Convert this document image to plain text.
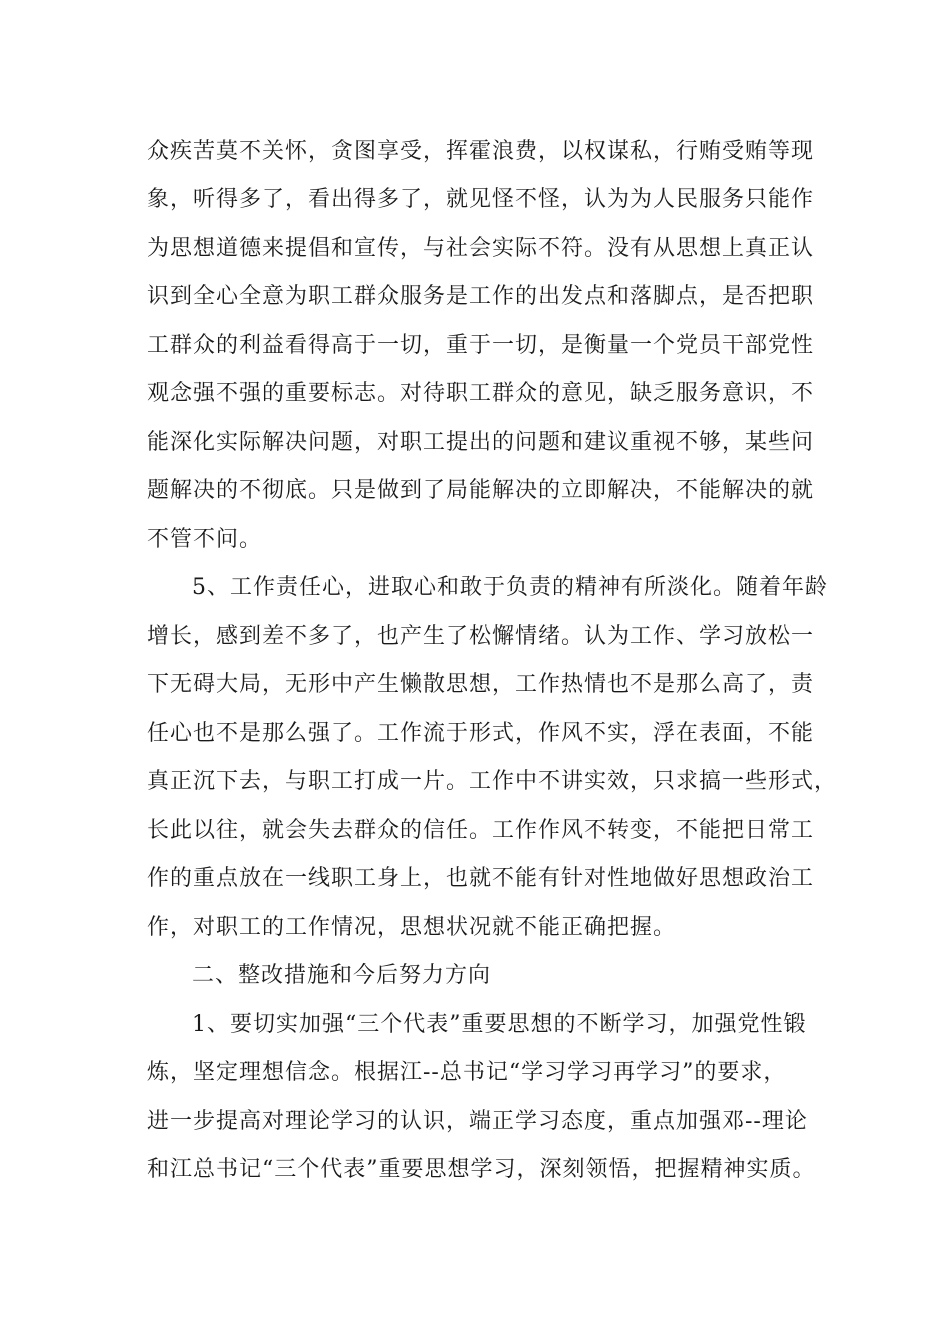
众疾苦莫不关怀，贪图享受，挥霍浪费，以权谋私，行贿受贿等现
象，听得多了，看出得多了，就见怪不怪，认为为人民服务只能作
为思想道德来提倡和宣传，与社会实际不符。没有从思想上真正认
识到全心全意为职工群众服务是工作的出发点和落脚点，是否把职
工群众的利益看得高于一切，重于一切，是衡量一个党员干部党性
观念强不强的重要标志。对待职工群众的意见，缺乏服务意识，不
能深化实际解决问题，对职工提出的问题和建议重视不够，某些问
题解决的不彻底。只是做到了局能解决的立即解决，不能解决的就
不管不问。
5、工作责任心，进取心和敢于负责的精神有所淡化。随着年龄
增长，感到差不多了，也产生了松懈情绪。认为工作、学习放松一
下无碍大局，无形中产生懒散思想，工作热情也不是那么高了，责
任心也不是那么强了。工作流于形式，作风不实，浮在表面，不能
真正沉下去，与职工打成一片。工作中不讲实效，只求搞一些形式，
长此以往，就会失去群众的信任。工作作风不转变，不能把日常工
作的重点放在一线职工身上，也就不能有针对性地做好思想政治工
作，对职工的工作情况，思想状况就不能正确把握。
二、整改措施和今后努力方向
1、要切实加强“三个代表”重要思想的不断学习，加强党性锻
炼，坚定理想信念。根据江--总书记“学习学习再学习”的要求，
进一步提高对理论学习的认识，端正学习态度，重点加强邓--理论
和江总书记“三个代表”重要思想学习，深刻领悟，把握精神实质。
